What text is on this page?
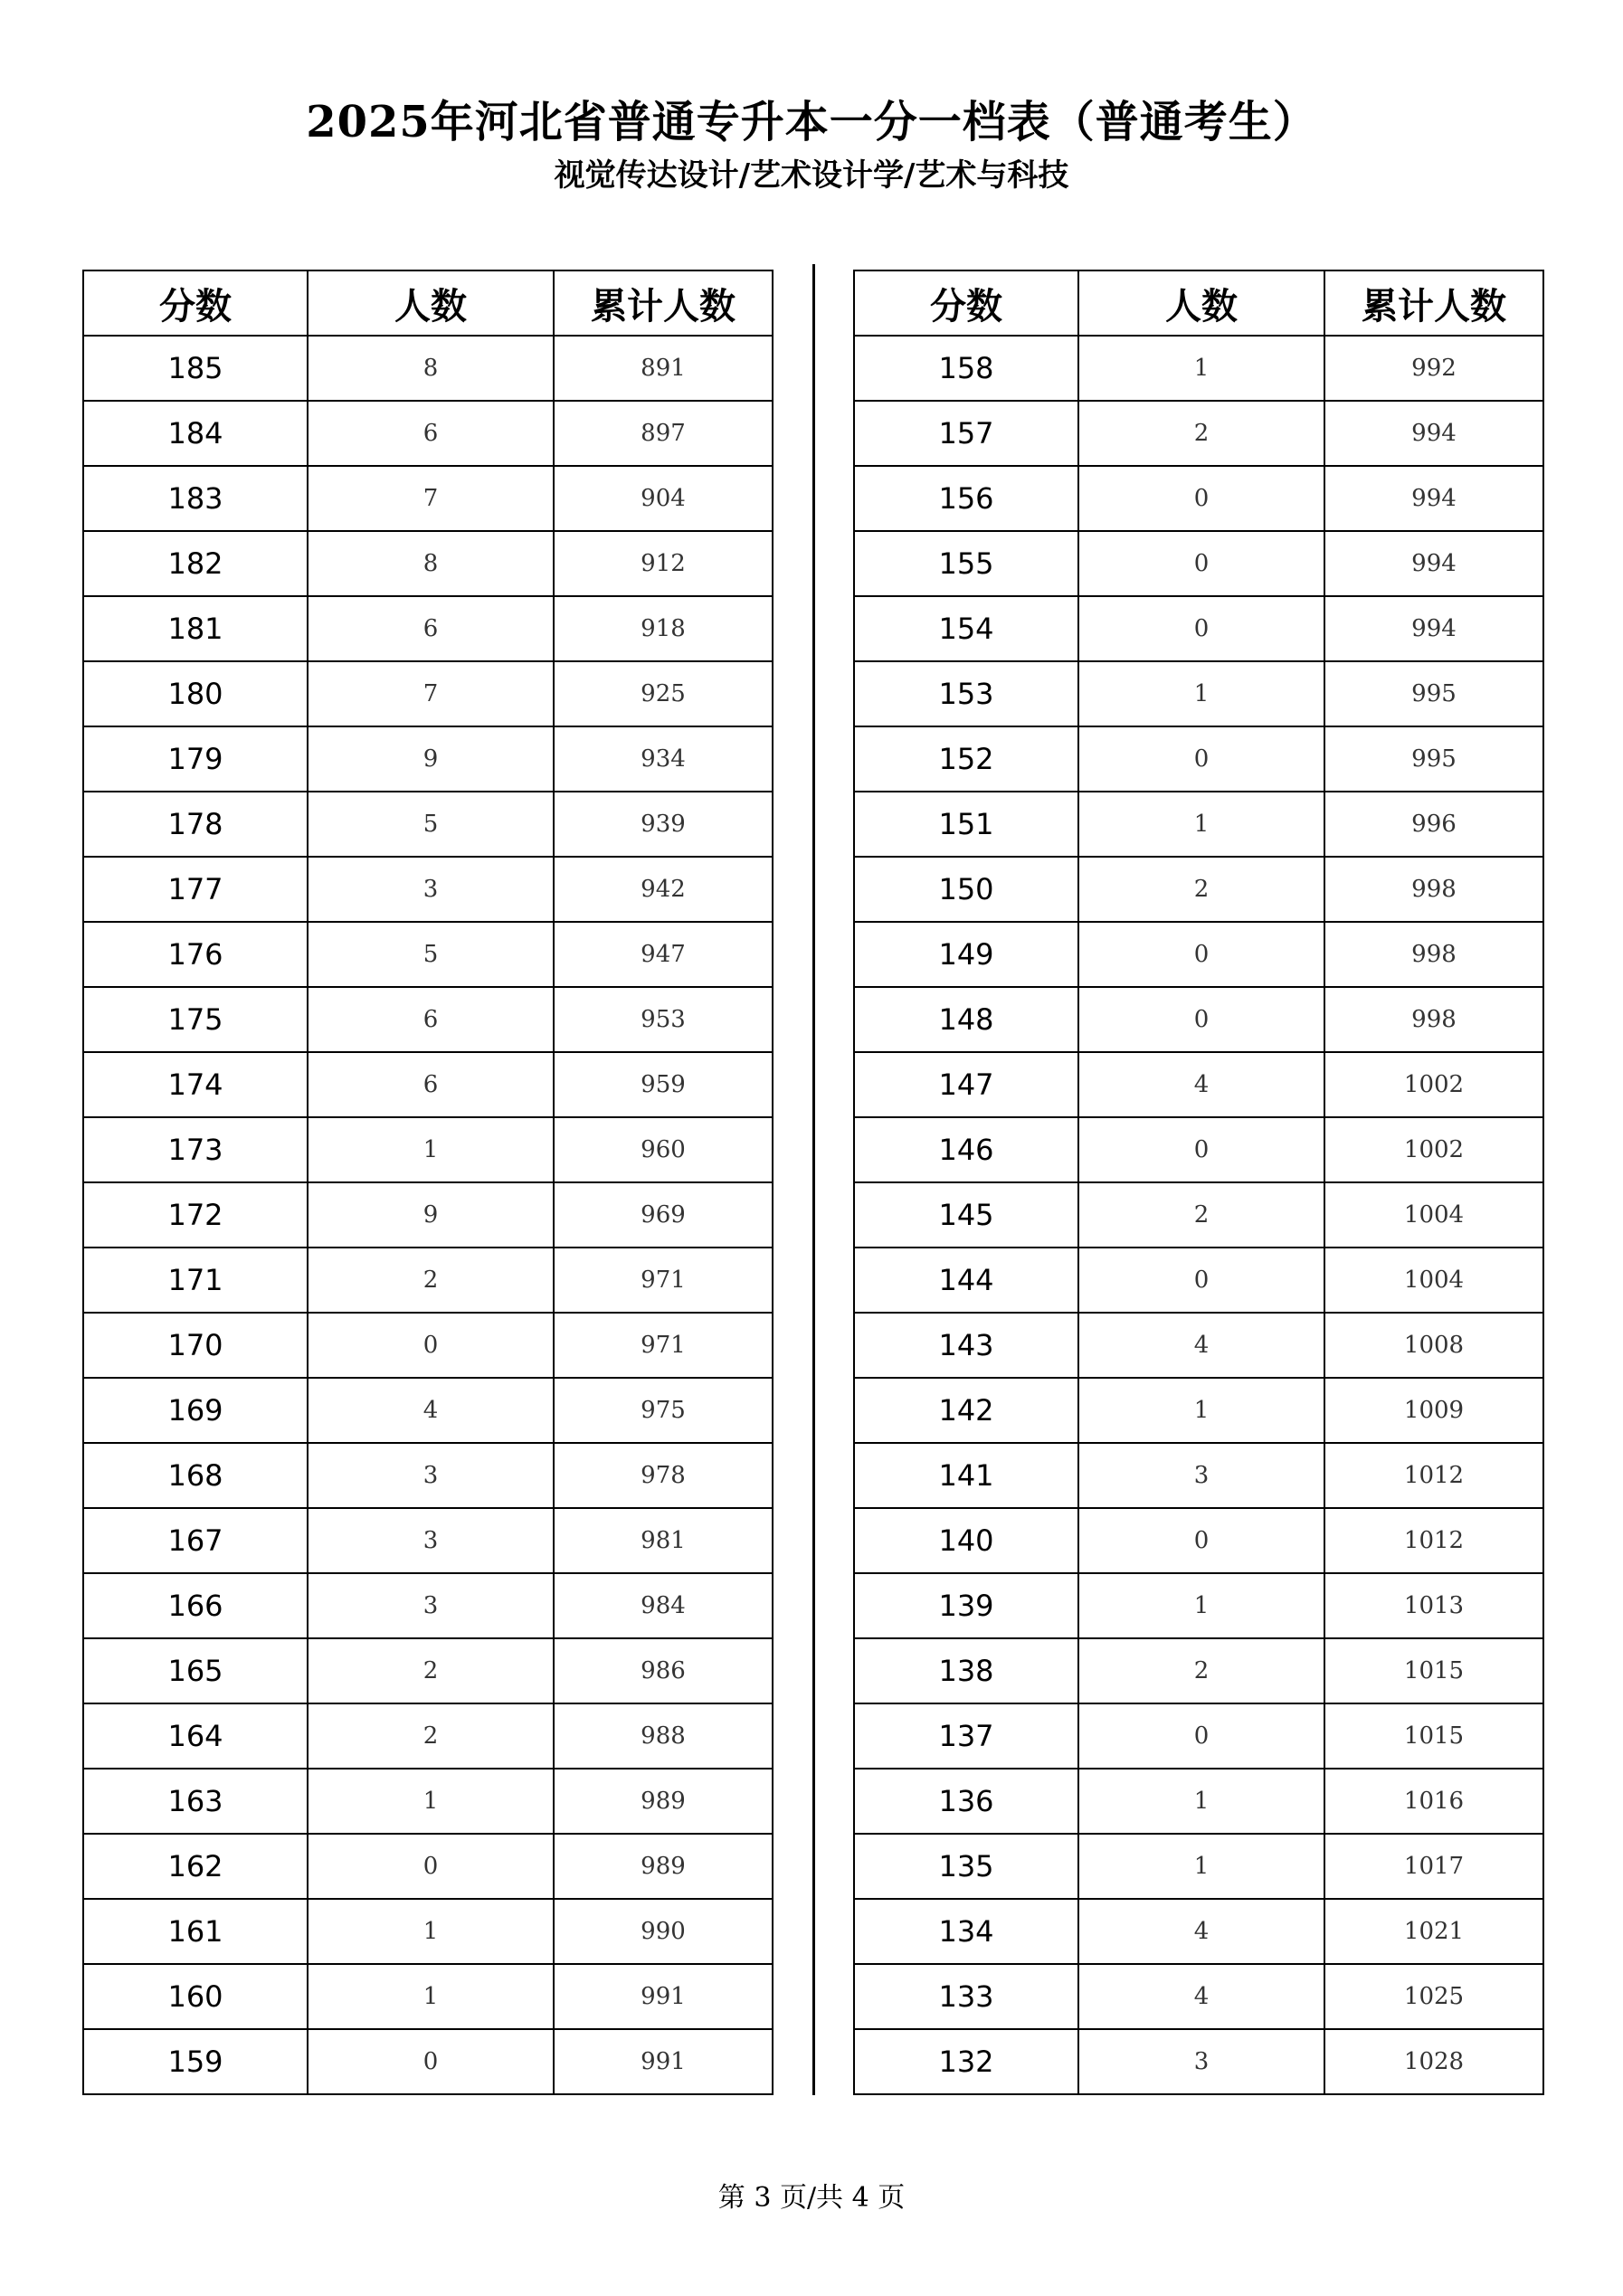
2025年河北省普通专升本一分一档表（普通考生）
视觉传达设计/艺术设计学/艺术与科技
分数	人数	累计人数
185	8	891
184	6	897
183	7	904
182	8	912
181	6	918
180	7	925
179	9	934
178	5	939
177	3	942
176	5	947
175	6	953
174	6	959
173	1	960
172	9	969
171	2	971
170	0	971
169	4	975
168	3	978
167	3	981
166	3	984
165	2	986
164	2	988
163	1	989
162	0	989
161	1	990
160	1	991
159	0	991
分数	人数	累计人数
158	1	992
157	2	994
156	0	994
155	0	994
154	0	994
153	1	995
152	0	995
151	1	996
150	2	998
149	0	998
148	0	998
147	4	1002
146	0	1002
145	2	1004
144	0	1004
143	4	1008
142	1	1009
141	3	1012
140	0	1012
139	1	1013
138	2	1015
137	0	1015
136	1	1016
135	1	1017
134	4	1021
133	4	1025
132	3	1028
第 3 页/共 4 页
